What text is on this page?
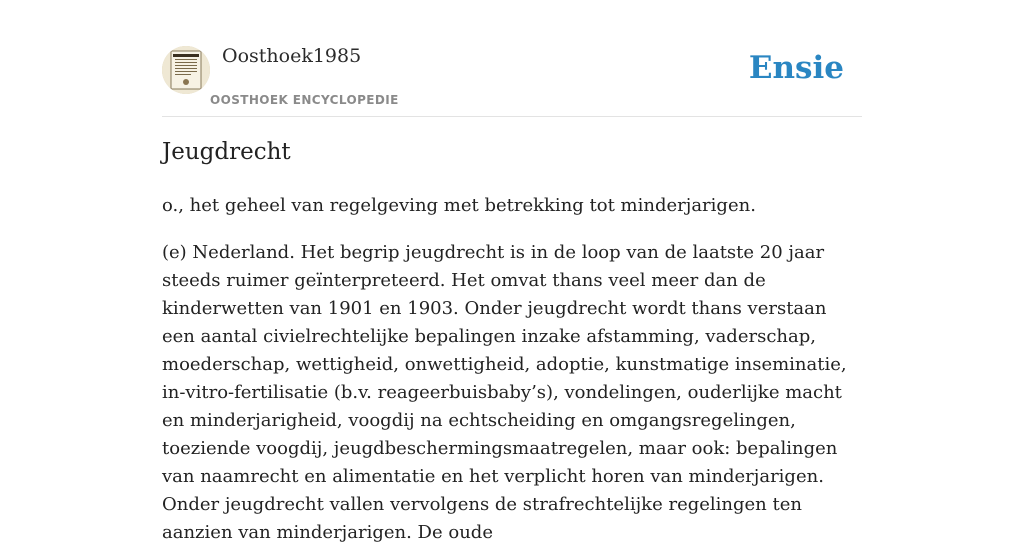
Oosthoek1985
OOSTHOEK ENCYCLOPEDIE
Ensie
Jeugdrecht

o., het geheel van regelgeving met betrekking tot minderjarigen.

(e) Nederland. Het begrip jeugdrecht is in de loop van de laatste 20 jaar steeds ruimer geïnterpreteerd. Het omvat thans veel meer dan de kinderwetten van 1901 en 1903. Onder jeugdrecht wordt thans verstaan een aantal civielrechtelijke bepalingen inzake afstamming, vaderschap, moederschap, wettigheid, onwettigheid, adoptie, kunstmatige inseminatie, in-vitro-fertilisatie (b.v. reageerbuisbaby’s), vondelingen, ouderlijke macht en minderjarigheid, voogdij na echtscheiding en omgangsregelingen, toeziende voogdij, jeugdbeschermingsmaatregelen, maar ook: bepalingen van naamrecht en alimentatie en het verplicht horen van minderjarigen. Onder jeugdrecht vallen vervolgens de strafrechtelijke regelingen ten aanzien van minderjarigen. De oude
